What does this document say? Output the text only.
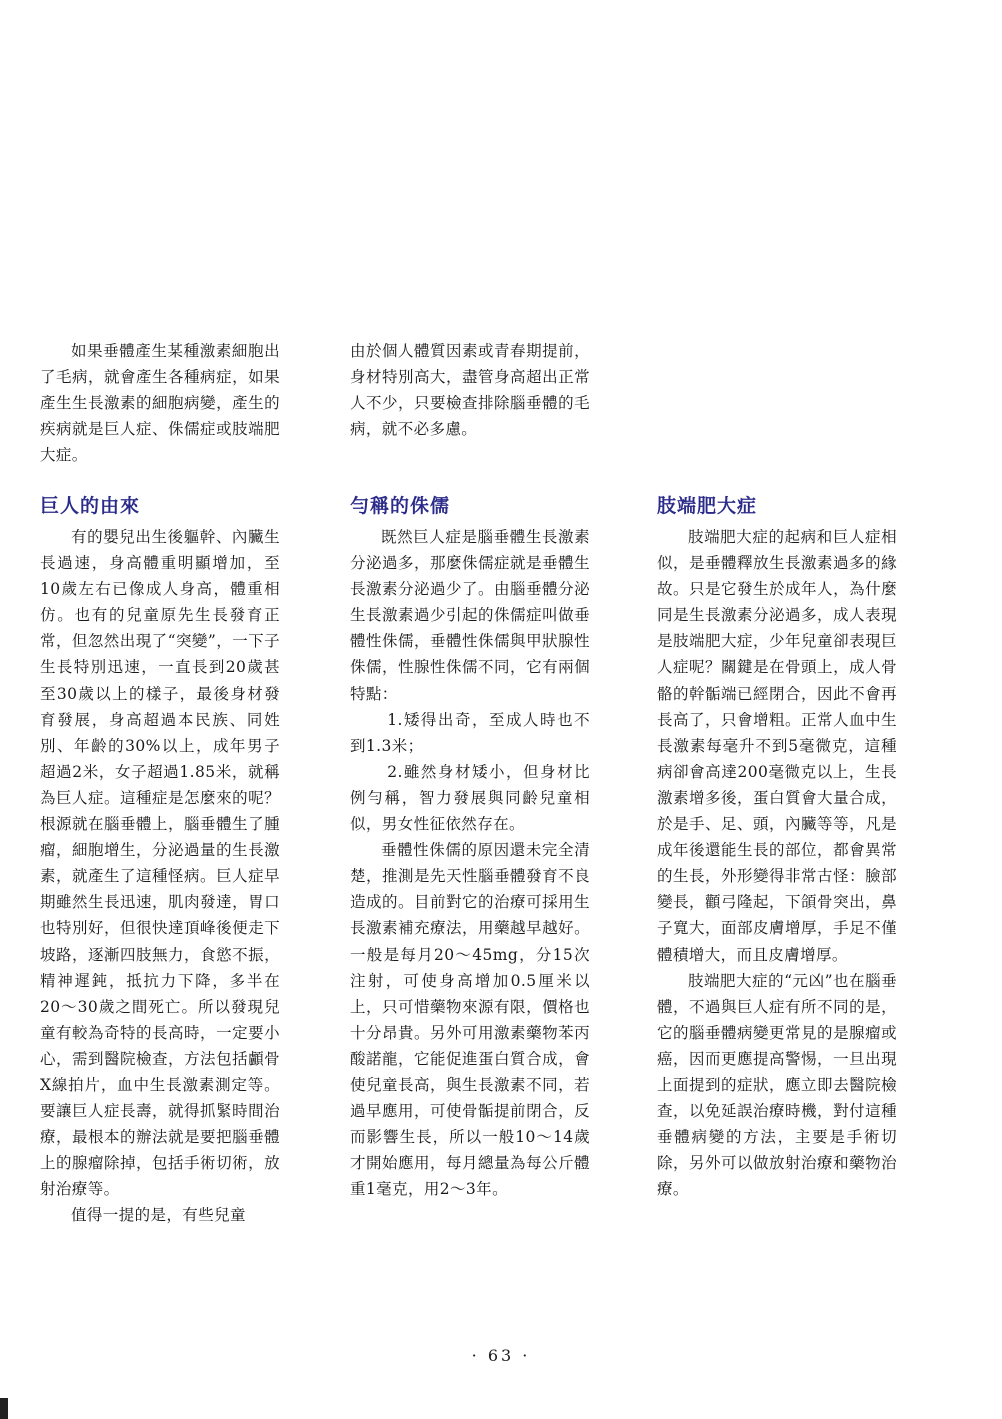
如果垂體產生某種激素細胞出了毛病，就會產生各種病症，如果產生生長激素的細胞病變，產生的疾病就是巨人症、侏儒症或肢端肥大症。

由於個人體質因素或青春期提前，身材特別高大，盡管身高超出正常人不少，只要檢查排除腦垂體的毛病，就不必多慮。

巨人的由來

有的嬰兒出生後軀幹、內臟生長過速，身高體重明顯增加，至10歲左右已像成人身高，體重相仿。也有的兒童原先生長發育正常，但忽然出現了“突變”，一下子生長特別迅速，一直長到20歲甚至30歲以上的樣子，最後身材發育發展，身高超過本民族、同姓別、年齡的30%以上，成年男子超過2米，女子超過1.85米，就稱為巨人症。這種症是怎麼來的呢？根源就在腦垂體上，腦垂體生了腫瘤，細胞增生，分泌過量的生長激素，就產生了這種怪病。巨人症早期雖然生長迅速，肌肉發達，胃口也特別好，但很快達頂峰後便走下坡路，逐漸四肢無力，食慾不振，精神遲鈍，抵抗力下降，多半在20～30歲之間死亡。所以發現兒童有較為奇特的長高時，一定要小心，需到醫院檢查，方法包括顱骨X線拍片，血中生長激素測定等。要讓巨人症長壽，就得抓緊時間治療，最根本的辦法就是要把腦垂體上的腺瘤除掉，包括手術切術，放射治療等。

值得一提的是，有些兒童

勻稱的侏儒

既然巨人症是腦垂體生長激素分泌過多，那麼侏儒症就是垂體生長激素分泌過少了。由腦垂體分泌生長激素過少引起的侏儒症叫做垂體性侏儒，垂體性侏儒與甲狀腺性侏儒，性腺性侏儒不同，它有兩個特點：

1.矮得出奇，至成人時也不到1.3米；

2.雖然身材矮小，但身材比例勻稱，智力發展與同齡兒童相似，男女性征依然存在。

垂體性侏儒的原因還未完全清楚，推測是先天性腦垂體發育不良造成的。目前對它的治療可採用生長激素補充療法，用藥越早越好。一般是每月20～45mg，分15次注射，可使身高增加0.5厘米以上，只可惜藥物來源有限，價格也十分昂貴。另外可用激素藥物苯丙酸諾龍，它能促進蛋白質合成，會使兒童長高，與生長激素不同，若過早應用，可使骨骺提前閉合，反而影響生長，所以一般10～14歲才開始應用，每月總量為每公斤體重1毫克，用2～3年。

肢端肥大症

肢端肥大症的起病和巨人症相似，是垂體釋放生長激素過多的緣故。只是它發生於成年人，為什麼同是生長激素分泌過多，成人表現是肢端肥大症，少年兒童卻表現巨人症呢？關鍵是在骨頭上，成人骨骼的幹骺端已經閉合，因此不會再長高了，只會增粗。正常人血中生長激素每毫升不到5毫微克，這種病卻會高達200毫微克以上，生長激素增多後，蛋白質會大量合成，於是手、足、頭，內臟等等，凡是成年後還能生長的部位，都會異常的生長，外形變得非常古怪：臉部變長，顴弓隆起，下頜骨突出，鼻子寬大，面部皮膚增厚，手足不僅體積增大，而且皮膚增厚。

肢端肥大症的“元凶”也在腦垂體，不過與巨人症有所不同的是，它的腦垂體病變更常見的是腺瘤或癌，因而更應提高警惕，一旦出現上面提到的症狀，應立即去醫院檢查，以免延誤治療時機，對付這種垂體病變的方法，主要是手術切除，另外可以做放射治療和藥物治療。

· 63 ·
